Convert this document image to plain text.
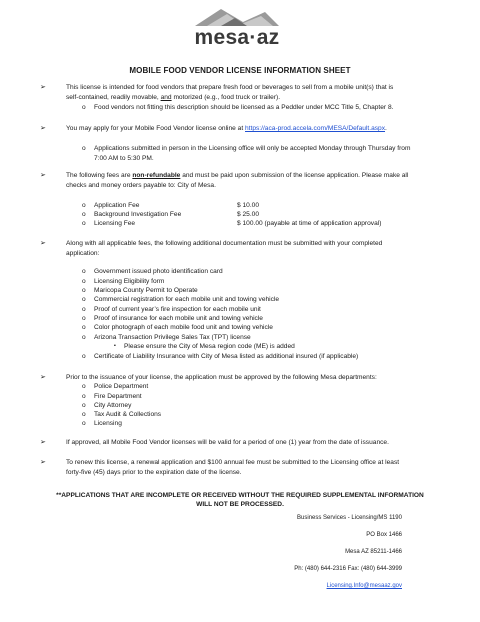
mesa·az
MOBILE FOOD VENDOR LICENSE INFORMATION SHEET
➢	This license is intended for food vendors that prepare fresh food or beverages to sell from a mobile unit(s) that is
self-contained, readily movable, and motorized (e.g., food truck or trailer).
o Food vendors not fitting this description should be licensed as a Peddler under MCC Title 5, Chapter 8.
➢	You may apply for your Mobile Food Vendor license online at https://aca-prod.accela.com/MESA/Default.aspx.
o Applications submitted in person in the Licensing office will only be accepted Monday through Thursday from
7:00 AM to 5:30 PM.
➢	The following fees are non-refundable and must be paid upon submission of the license application. Please make all
checks and money orders payable to: City of Mesa.
o Application Fee	$ 10.00
o Background Investigation Fee	$ 25.00
o Licensing Fee	$ 100.00 (payable at time of application approval)
➢	Along with all applicable fees, the following additional documentation must be submitted with your completed
application:
o Government issued photo identification card
o Licensing Eligibility form
o Maricopa County Permit to Operate
o Commercial registration for each mobile unit and towing vehicle
o Proof of current year’s fire inspection for each mobile unit
o Proof of insurance for each mobile unit and towing vehicle
o Color photograph of each mobile food unit and towing vehicle
o Arizona Transaction Privilege Sales Tax (TPT) license
▪ Please ensure the City of Mesa region code (ME) is added
o Certificate of Liability Insurance with City of Mesa listed as additional insured (if applicable)
➢	Prior to the issuance of your license, the application must be approved by the following Mesa departments:
o Police Department
o Fire Department
o City Attorney
o Tax Audit & Collections
o Licensing
➢	If approved, all Mobile Food Vendor licenses will be valid for a period of one (1) year from the date of issuance.
➢	To renew this license, a renewal application and $100 annual fee must be submitted to the Licensing office at least
forty-five (45) days prior to the expiration date of the license.
**APPLICATIONS THAT ARE INCOMPLETE OR RECEIVED WITHOUT THE REQUIRED SUPPLEMENTAL INFORMATION
WILL NOT BE PROCESSED.
Business Services - Licensing/MS 1190
PO Box 1466
Mesa AZ 85211-1466
Ph: (480) 644-2316 Fax: (480) 644-3999
Licensing.Info@mesaaz.gov
